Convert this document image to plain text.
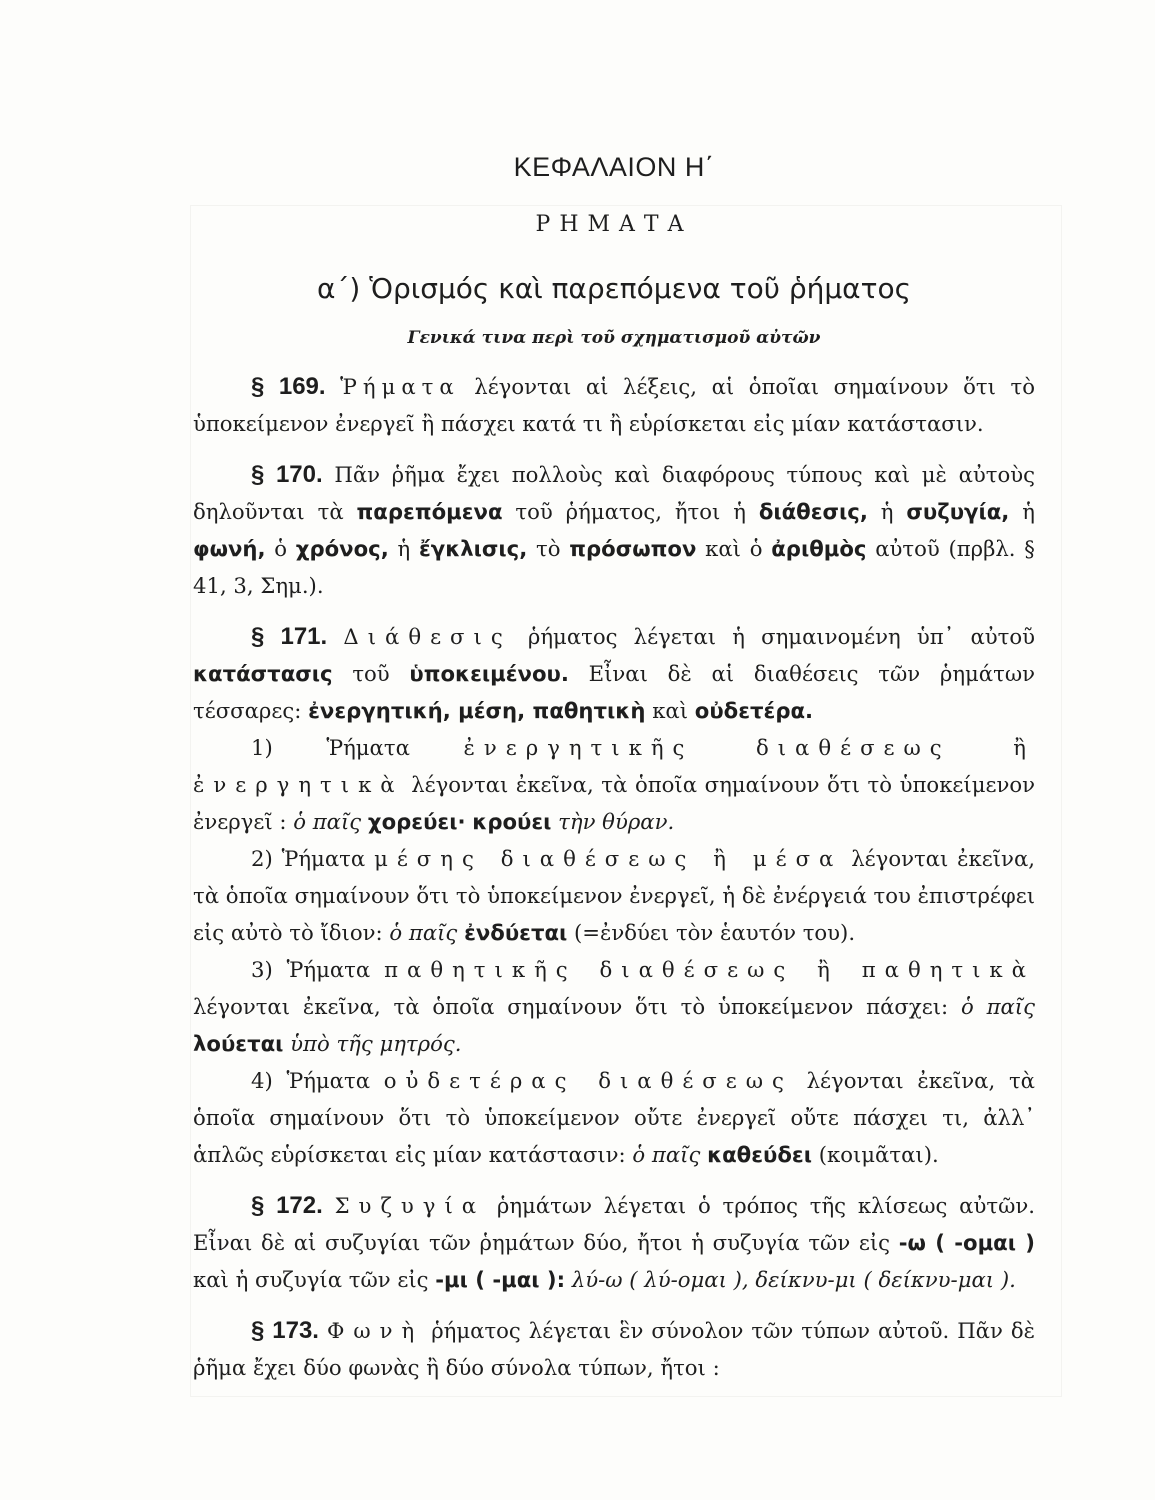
ΚΕΦΑΛΑΙΟΝ Η΄
ΡΗΜΑΤΑ
α΄) Ὁρισμός καὶ παρεπόμενα τοῦ ῥήματος
Γενικά τινα περὶ τοῦ σχηματισμοῦ αὐτῶν

§ 169. Ῥήματα λέγονται αἱ λέξεις, αἱ ὁποῖαι σημαίνουν ὅτι τὸ ὑποκείμενον ἐνεργεῖ ἢ πάσχει κατά τι ἢ εὑρίσκεται εἰς μίαν κατάστασιν.

§ 170. Πᾶν ῥῆμα ἔχει πολλοὺς καὶ διαφόρους τύπους καὶ μὲ αὐτοὺς δηλοῦνται τὰ παρεπόμενα τοῦ ῥήματος, ἤτοι ἡ διάθεσις, ἡ συζυγία, ἡ φωνή, ὁ χρόνος, ἡ ἔγκλισις, τὸ πρόσωπον καὶ ὁ ἀριθμὸς αὐτοῦ (πρβλ. § 41, 3, Σημ.).

§ 171. Διάθεσις ῥήματος λέγεται ἡ σημαινομένη ὑπ᾽ αὐτοῦ κατάστασις τοῦ ὑποκειμένου. Εἶναι δὲ αἱ διαθέσεις τῶν ῥημάτων τέσσαρες: ἐνεργητική, μέση, παθητικὴ καὶ οὐδετέρα.

1) Ῥήματα	ἐνεργητικῆς διαθέσεως ἢ ἐνεργητικὰ λέγονται ἐκεῖνα, τὰ ὁποῖα σημαίνουν ὅτι τὸ ὑποκείμενον ἐνεργεῖ : ὁ παῖς χορεύει· κρούει τὴν θύραν.

2) Ῥήματα μέσης διαθέσεως ἢ μέσα λέγονται ἐκεῖνα, τὰ ὁποῖα σημαίνουν ὅτι τὸ ὑποκείμενον ἐνεργεῖ, ἡ δὲ ἐνέργειά του ἐπιστρέφει εἰς αὐτὸ τὸ ἴδιον: ὁ παῖς ἐνδύεται (=ἐνδύει τὸν ἑαυτόν του).

3) Ῥήματα παθητικῆς διαθέσεως ἢ παθητικὰ λέγονται ἐκεῖνα, τὰ ὁποῖα σημαίνουν ὅτι τὸ ὑποκείμενον πάσχει: ὁ παῖς λούεται ὑπὸ τῆς μητρός.

4) Ῥήματα οὐδετέρας διαθέσεως λέγονται ἐκεῖνα, τὰ ὁποῖα σημαίνουν ὅτι τὸ ὑποκείμενον οὔτε ἐνεργεῖ οὔτε πάσχει τι, ἀλλ᾽ ἁπλῶς εὑρίσκεται εἰς μίαν κατάστασιν: ὁ παῖς καθεύδει (κοιμᾶται).

§ 172. Συζυγία ῥημάτων λέγεται ὁ τρόπος τῆς κλίσεως αὐτῶν. Εἶναι δὲ αἱ συζυγίαι τῶν ῥημάτων δύο, ἤτοι ἡ συζυγία τῶν εἰς -ω ( -ομαι ) καὶ ἡ συζυγία τῶν εἰς -μι ( -μαι ): λύ-ω ( λύ-ομαι ), δείκνυ-μι ( δείκνυ-μαι ).

§ 173. Φωνὴ ῥήματος λέγεται ἓν σύνολον τῶν τύπων αὐτοῦ. Πᾶν δὲ ῥῆμα ἔχει δύο φωνὰς ἢ δύο σύνολα τύπων, ἤτοι :
